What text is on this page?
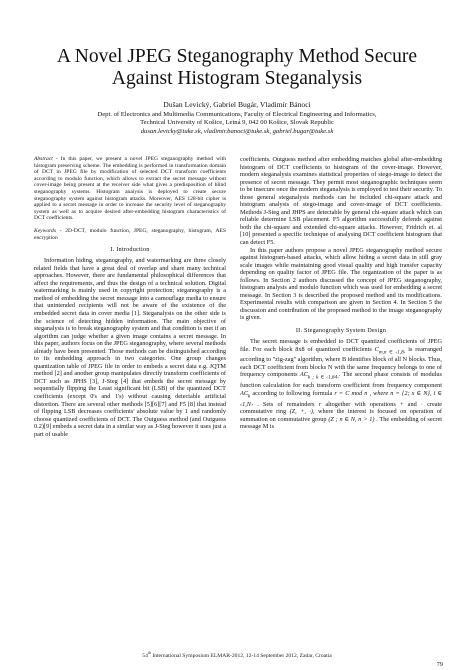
A Novel JPEG Steganography Method Secure
Against Histogram Steganalysis
Dušan Levický, Gabriel Bugár, Vladimír Bánoci
Dept. of Electronics and Multimedia Communications, Faculty of Electrical Engineering and Informatics,
Technical University of Košice, Letná 9, 042 00 Košice, Slovak Republic
dusan.levicky@tuke.sk, vladimir.banoci@tuke.sk, gabriel.bugar@tuke.sk

Abstract - In this paper, we present a novel JPEG steganography method with histogram preserving scheme. The embedding is performed in transformation domain of DCT in JPEG file by modification of selected DCT transform coefficients according to modulo function, which allows to extract the secret message without cover-image being present at the receiver side what gives a predisposition of blind steganography systems. Histogram analysis is deployed to create secure steganography system against histogram attacks. Moreover, AES 128-bit cipher is applied to a secret message in order to increase the security level of steganography system as well as to acquire desired after-embedding histogram characteristics of DCT coefficients.

Keywords - 2D-DCT, modulo function, JPEG, steganography, histogram, AES encryption

I. Introduction

Information hiding, steganography, and watermarking are three closely related fields that have a great deal of overlap and share many technical approaches. However, there are fundamental philosophical differences that affect the requirements, and thus the design of a technical solution. Digital watermarking is mainly used in copyright protection; steganography is a method of embedding the secret message into a camouflage media to ensure that unintended recipients will not be aware of the existence of the embedded secret data in cover media [1]. Steganalysis on the other side is the science of detecting hidden information. The main objective of steganalysis is to break steganography system and that condition is met if an algorithm can judge whether a given image contains a secret message. In this paper, authors focus on the JPEG steganography, where several methods already have been presented. Those methods can be distinguished according to its embedding approach in two categories. One group changes quantization table of JPEG file in order to embeds a secret data e.g. JQTM method [2] and another group manipulates directly transform coefficients of DCT such as JPHS [3], J-Steg [4] that embeds the secret message by sequentially flipping the Least significant bit (LSB) of the quantized DCT coefficients (except 0's and 1's) without causing detectable artificial distortion. There are several other methods [5][6][7] and F5 [8] that instead of flipping LSB decreases coefficients' absolute value by 1 and randomly choose quantized coefficients of DCT. The Outguess method (and Outguess 0.2)[9] embeds a secret data in a similar way as J-Steg however it uses just a part of usable

coefficients. Outguess method after embedding matches global after-embedding histogram of DCT coefficients to histogram of the cover-image. However, modern steganalysis examines statistical properties of stego-image to detect the presence of secret message. They permit most steganographic techniques seem to be insecure once the modern steganalysis is employed to test their security. To those general steganalysis methods can be included chi-square attack and histogram analysis of stego-image and cover-image of DCT coefficients. Methods J-Steg and JHPS are detectable by general chi-square attack which can reliable determine LSB placement. F5 algorithm successfully defends against both the chi-square and extended chi-square attacks. However, Fridrich et. al [10] presented a specific technique of analysing DCT coefficient histogram that can detect F5.

In this paper authors propose a novel JPEG steganography method secure against histogram-based attacks, which allow hiding a secret data in still gray scale images while maintaining good visual quality and high transfer capacity depending on quality factor of JPEG file. The organization of the paper is as follows. In Section 2 authors discussed the concept of JPEG steganography, histogram analysis and modulo function which was used for embedding a secret message. In Section 3 is described the proposed method and its modifications. Experimental results with comparison are given in Section 4. In Section 5 the discussion and contribution of the proposed method to the image steganography is given.

II. Steganography System Design

The secret message is embedded to DCT quantized coefficients of JPEG file. For each block 8x8 of quantized coefficients $C_{m,n \in ‹1,8›}$ is rearranged according to "zig-zag" algorithm, where B identifies block of all N blocks. Thus, each DCT coefficient from blocks N with the same frequency belongs to one of frequency components $AC_{k ; k \in ‹1,64›}$. The second phase consists of modulus function calculation for each transform coefficient from frequency component $AC_k$ according to following formula r = C mod n , where n = {2; x ∈ N}, i ∈ ‹1,N› . Sets of remainders r altogether with operations + and · create commutative ring (Z, +, ·), where the interest is focused on operation of summation on commutative group (Z ; n ∈ N, n > 1) . The embedding of secret message M is

54th International Symposium ELMAR-2012, 12-14 September 2012, Zadar, Croatia
79
